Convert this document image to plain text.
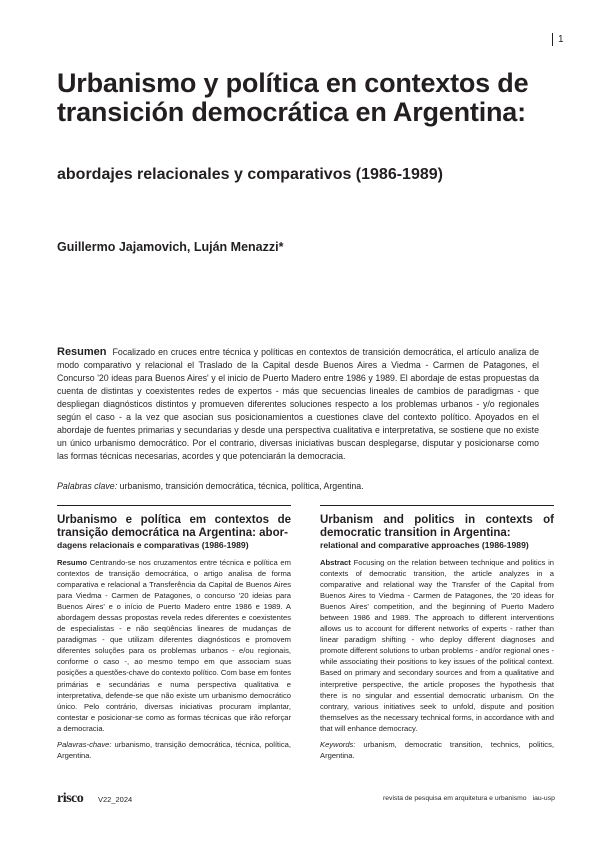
1
Urbanismo y política en contextos de transición democrática en Argentina:
abordajes relacionales y comparativos (1986-1989)

Guillermo Jajamovich, Luján Menazzi*

Resumen Focalizado en cruces entre técnica y políticas en contextos de transición democrática, el artículo analiza de modo comparativo y relacional el Traslado de la Capital desde Buenos Aires a Viedma - Carmen de Patagones, el Concurso '20 ideas para Buenos Aires' y el inicio de Puerto Madero entre 1986 y 1989. El abordaje de estas propuestas da cuenta de distintas y coexistentes redes de expertos - más que secuencias lineales de cambios de paradigmas - que despliegan diagnósticos distintos y promueven diferentes soluciones respecto a los problemas urbanos - y/o regionales según el caso - a la vez que asocian sus posicionamientos a cuestiones clave del contexto político. Apoyados en el abordaje de fuentes primarias y secundarias y desde una perspectiva cualitativa e interpretativa, se sostiene que no existe un único urbanismo democrático. Por el contrario, diversas iniciativas buscan desplegarse, disputar y posicionarse como las formas técnicas necesarias, acordes y que potenciarán la democracia.
Palabras clave: urbanismo, transición democrática, técnica, política, Argentina.
Urbanismo e política em contextos de transição democrática na Argentina: abor-
dagens relacionais e comparativas (1986-1989)

Resumo Centrando-se nos cruzamentos entre técnica e política em contextos de transição democrática, o artigo analisa de forma comparativa e relacional a Transferência da Capital de Buenos Aires para Viedma - Carmen de Patagones, o concurso '20 ideias para Buenos Aires' e o início de Puerto Madero entre 1986 e 1989. A abordagem dessas propostas revela redes diferentes e coexistentes de especialistas - e não seqüências lineares de mudanças de paradigmas - que utilizam diferentes diagnósticos e promovem diferentes soluções para os problemas urbanos - e/ou regionais, conforme o caso -, ao mesmo tempo em que associam suas posições a questões-chave do contexto político. Com base em fontes primárias e secundárias e numa perspectiva qualitativa e interpretativa, defende-se que não existe um urbanismo democrático único. Pelo contrário, diversas iniciativas procuram implantar, contestar e posicionar-se como as formas técnicas que irão reforçar a democracia.

Palavras-chave: urbanismo, transição democrática, técnica, política, Argentina.

Urbanism and politics in contexts of democratic transition in Argentina:
relational and comparative approaches (1986-1989)

Abstract Focusing on the relation between technique and politics in contexts of democratic transition, the article analyzes in a comparative and relational way the Transfer of the Capital from Buenos Aires to Viedma - Carmen de Patagones, the '20 ideas for Buenos Aires' competition, and the beginning of Puerto Madero between 1986 and 1989. The approach to different interventions allows us to account for different networks of experts - rather than linear paradigm shifting - who deploy different diagnoses and promote different solutions to urban problems - and/or regional ones - while associating their positions to key issues of the political context. Based on primary and secondary sources and from a qualitative and interpretive perspective, the article proposes the hypothesis that there is no singular and essential democratic urbanism. On the contrary, various initiatives seek to unfold, dispute and position themselves as the necessary technical forms, in accordance with and that will enhance democracy.

Keywords: urbanism, democratic transition, technics, politics, Argentina.

risco V22_2024	revista de pesquisa em arquitetura e urbanismo iau-usp
